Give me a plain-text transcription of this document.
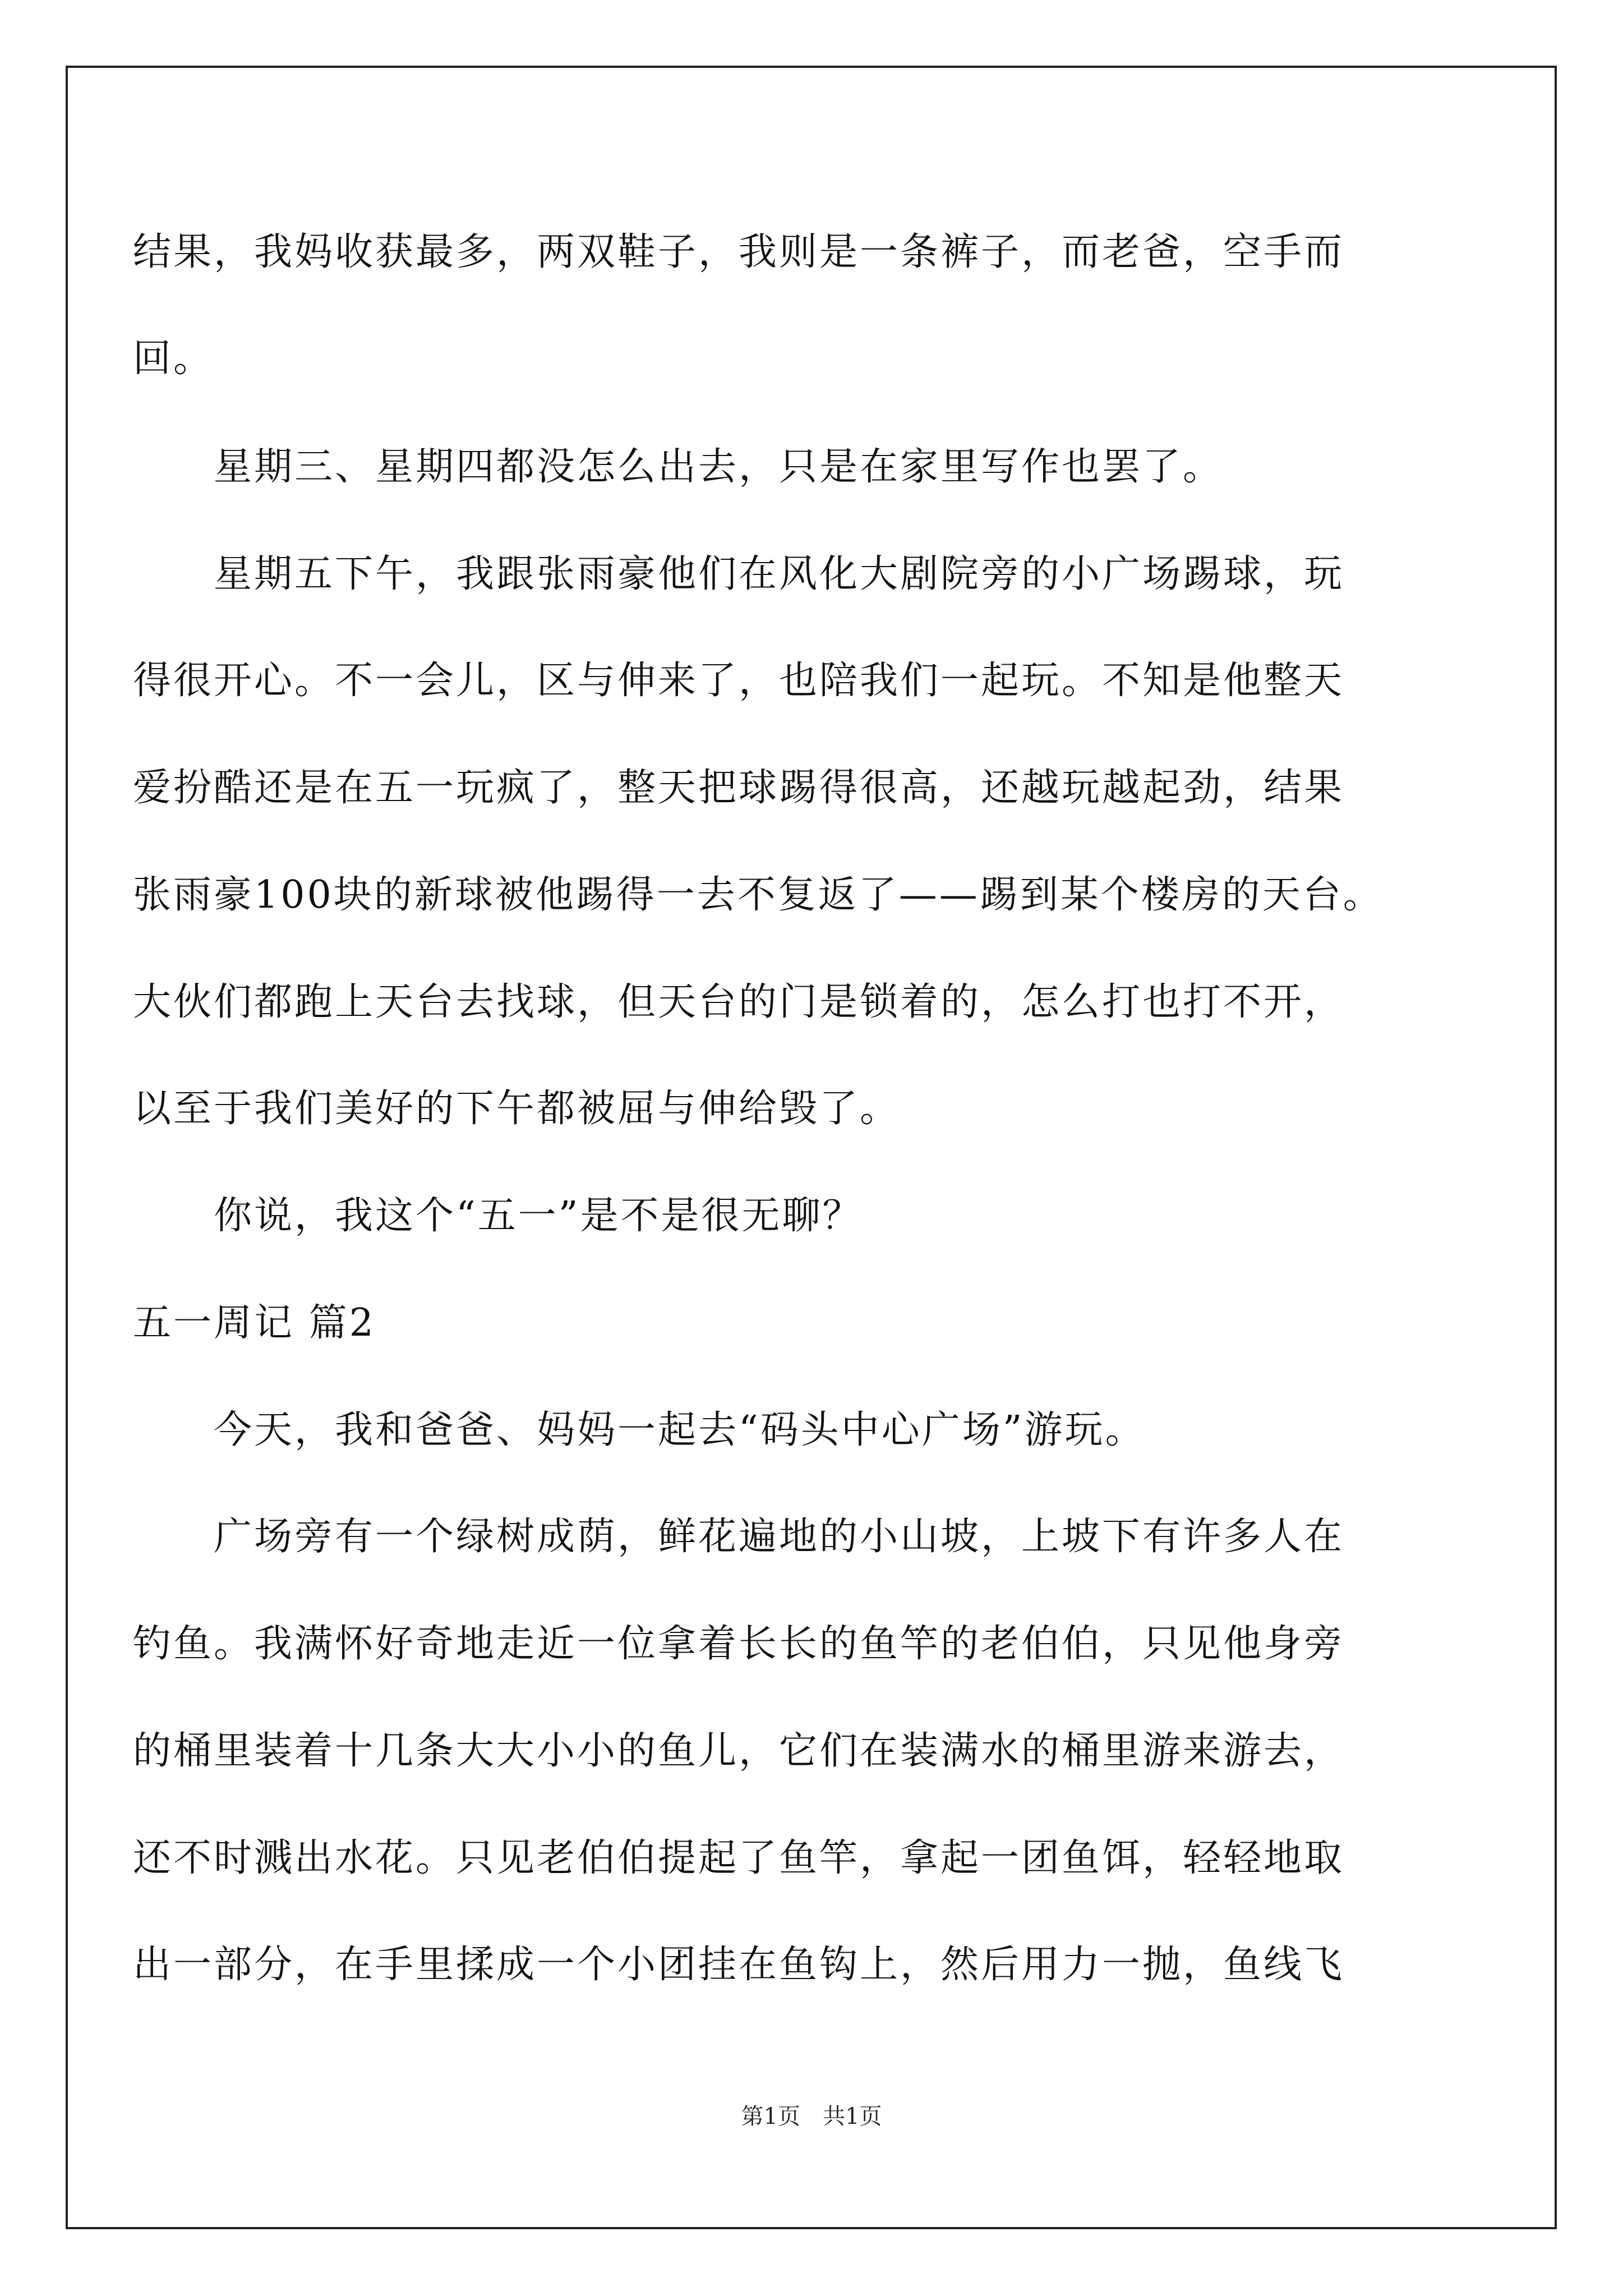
结果，我妈收获最多，两双鞋子，我则是一条裤子，而老爸，空手而
回。
星期三、星期四都没怎么出去，只是在家里写作也罢了。
星期五下午，我跟张雨豪他们在风化大剧院旁的小广场踢球，玩
得很开心。不一会儿，区与伸来了，也陪我们一起玩。不知是他整天
爱扮酷还是在五一玩疯了，整天把球踢得很高，还越玩越起劲，结果
张雨豪100块的新球被他踢得一去不复返了——踢到某个楼房的天台。
大伙们都跑上天台去找球，但天台的门是锁着的，怎么打也打不开，
以至于我们美好的下午都被屈与伸给毁了。
你说，我这个“五一”是不是很无聊？
五一周记 篇2
今天，我和爸爸、妈妈一起去“码头中心广场”游玩。
广场旁有一个绿树成荫，鲜花遍地的小山坡，上坡下有许多人在
钓鱼。我满怀好奇地走近一位拿着长长的鱼竿的老伯伯，只见他身旁
的桶里装着十几条大大小小的鱼儿，它们在装满水的桶里游来游去，
还不时溅出水花。只见老伯伯提起了鱼竿，拿起一团鱼饵，轻轻地取
出一部分，在手里揉成一个小团挂在鱼钩上，然后用力一抛，鱼线飞
第1页　共1页
